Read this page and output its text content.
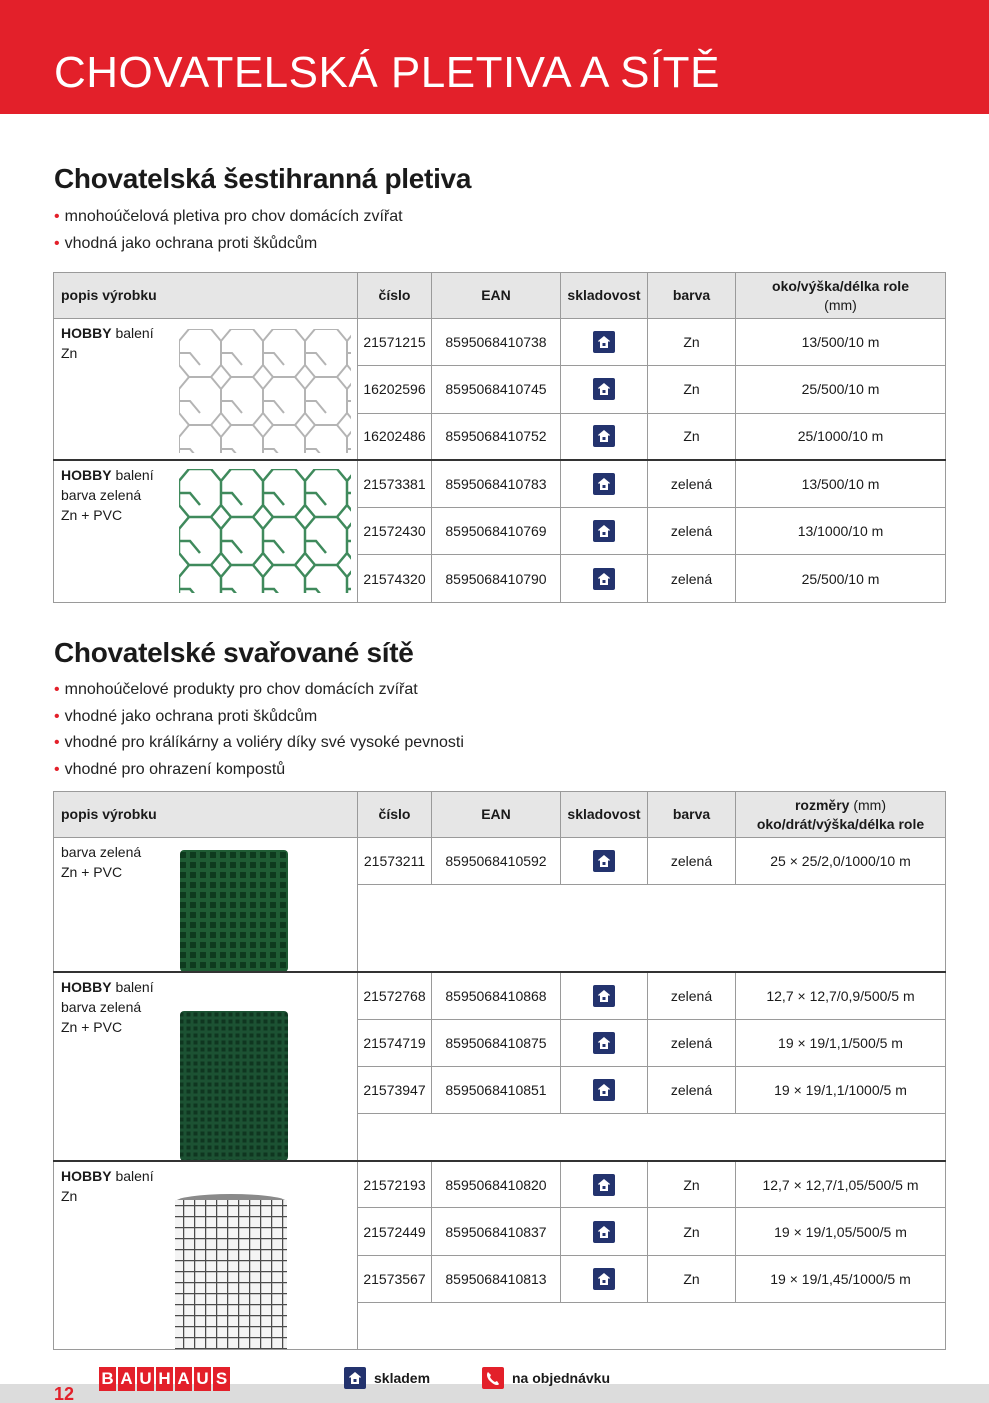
CHOVATELSKÁ PLETIVA A SÍTĚ
Chovatelská šestihranná pletiva
• mnohoúčelová pletiva pro chov domácích zvířat
• vhodná jako ochrana proti škůdcům
popis výrobku	číslo	EAN	skladovost	barva	oko/výška/délka role
(mm)

HOBBY balení
Zn	21571215	8595068410738		Zn	13/500/10 m
	16202596	8595068410745		Zn	25/500/10 m
	16202486	8595068410752		Zn	25/1000/10 m

HOBBY balení
barva zelená
Zn + PVC	21573381	8595068410783		zelená	13/500/10 m
	21572430	8595068410769		zelená	13/1000/10 m
	21574320	8595068410790		zelená	25/500/10 m
Chovatelské svařované sítě
• mnohoúčelové produkty pro chov domácích zvířat
• vhodné jako ochrana proti škůdcům
• vhodné pro králíkárny a voliéry díky své vysoké pevnosti
• vhodné pro ohrazení kompostů
popis výrobku	číslo	EAN	skladovost	barva	rozměry (mm)
oko/drát/výška/délka role

barva zelená
Zn + PVC	21573211	8595068410592		zelená	25 × 25/2,0/1000/10 m

HOBBY balení
barva zelená
Zn + PVC	21572768	8595068410868		zelená	12,7 × 12,7/0,9/500/5 m
	21574719	8595068410875		zelená	19 × 19/1,1/500/5 m
	21573947	8595068410851		zelená	19 × 19/1,1/1000/5 m

HOBBY balení
Zn	21572193	8595068410820		Zn	12,7 × 12,7/1,05/500/5 m
	21572449	8595068410837		Zn	19 × 19/1,05/500/5 m
	21573567	8595068410813		Zn	19 × 19/1,45/1000/5 m

12
B A U H A U S	skladem	na objednávku
